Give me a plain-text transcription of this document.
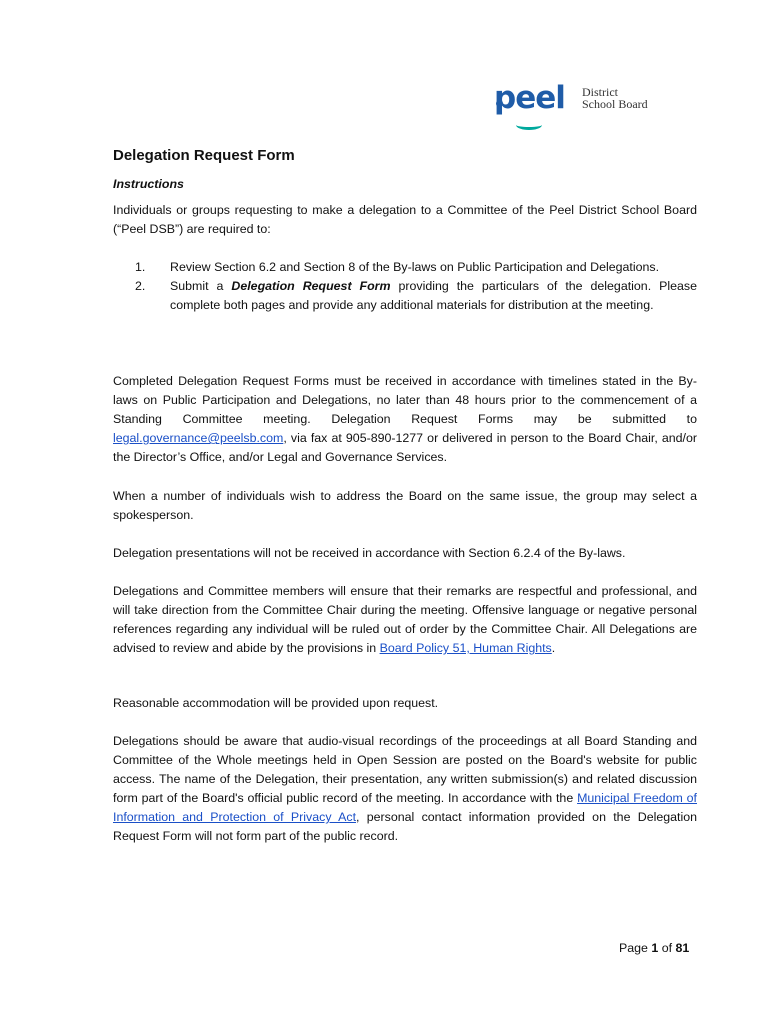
peel District
School Board
Delegation Request Form
Instructions

Individuals or groups requesting to make a delegation to a Committee of the Peel District School Board (“Peel DSB”) are required to:

1.	Review Section 6.2 and Section 8 of the By-laws on Public Participation and Delegations.
2.	Submit a Delegation Request Form providing the particulars of the delegation. Please complete both pages and provide any additional materials for distribution at the meeting.

Completed Delegation Request Forms must be received in accordance with timelines stated in the By-laws on Public Participation and Delegations, no later than 48 hours prior to the commencement of a Standing Committee meeting. Delegation Request Forms may be submitted to legal.governance@peelsb.com, via fax at 905-890-1277 or delivered in person to the Board Chair, and/or the Director’s Office, and/or Legal and Governance Services.

When a number of individuals wish to address the Board on the same issue, the group may select a spokesperson.

Delegation presentations will not be received in accordance with Section 6.2.4 of the By-laws.

Delegations and Committee members will ensure that their remarks are respectful and professional, and will take direction from the Committee Chair during the meeting. Offensive language or negative personal references regarding any individual will be ruled out of order by the Committee Chair. All Delegations are advised to review and abide by the provisions in Board Policy 51, Human Rights.

Reasonable accommodation will be provided upon request.

Delegations should be aware that audio-visual recordings of the proceedings at all Board Standing and Committee of the Whole meetings held in Open Session are posted on the Board's website for public access. The name of the Delegation, their presentation, any written submission(s) and related discussion form part of the Board's official public record of the meeting. In accordance with the Municipal Freedom of Information and Protection of Privacy Act, personal contact information provided on the Delegation Request Form will not form part of the public record.

Page 1 of 81
